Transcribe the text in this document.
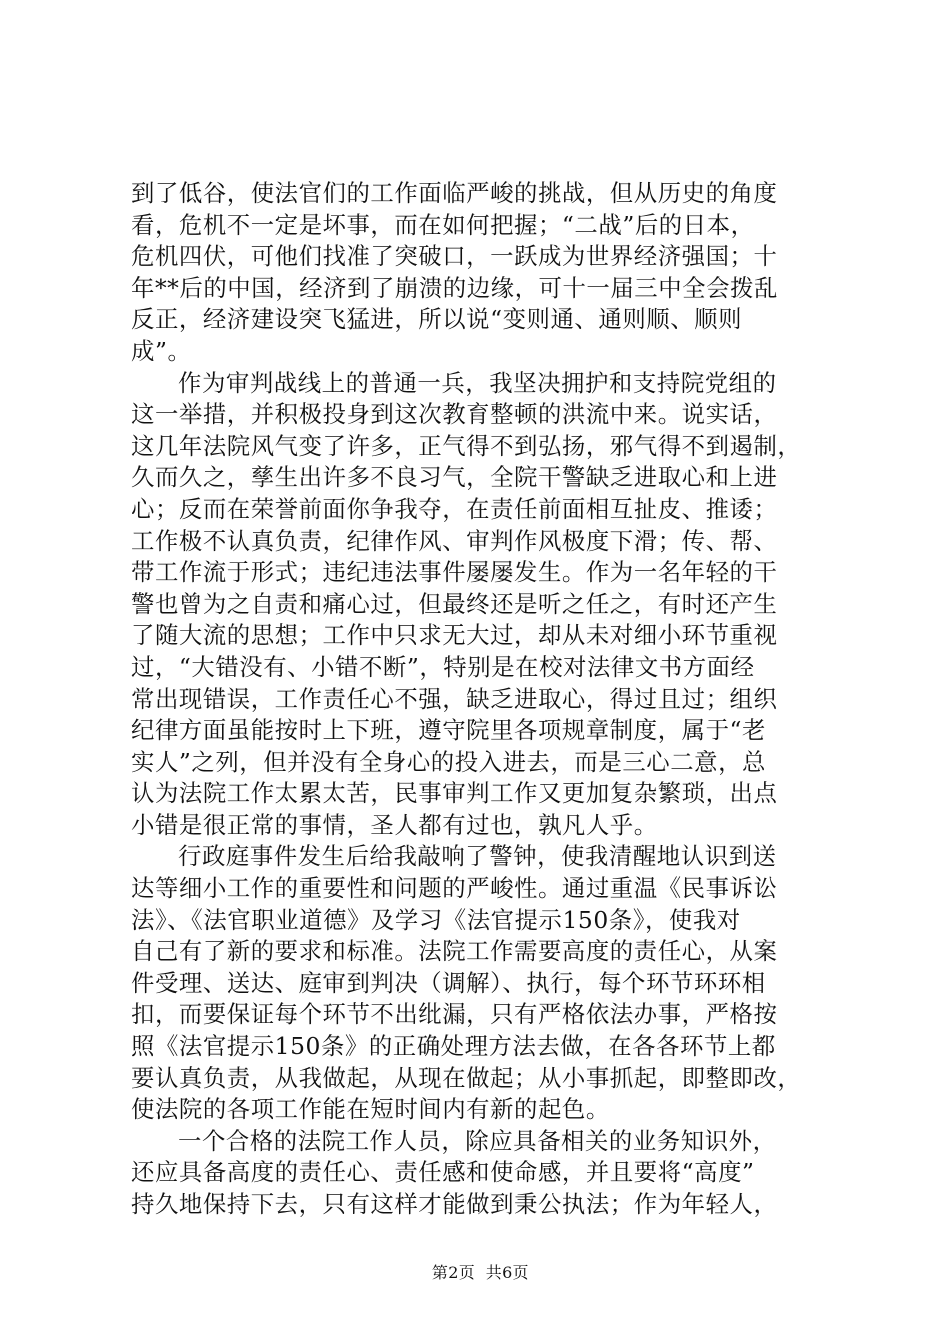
到了低谷，使法官们的工作面临严峻的挑战，但从历史的角度
看，危机不一定是坏事，而在如何把握；“二战”后的日本，
危机四伏，可他们找准了突破口，一跃成为世界经济强国；十
年**后的中国，经济到了崩溃的边缘，可十一届三中全会拨乱
反正，经济建设突飞猛进，所以说“变则通、通则顺、顺则
成”。
作为审判战线上的普通一兵，我坚决拥护和支持院党组的
这一举措，并积极投身到这次教育整顿的洪流中来。说实话，
这几年法院风气变了许多，正气得不到弘扬，邪气得不到遏制，
久而久之，孳生出许多不良习气，全院干警缺乏进取心和上进
心；反而在荣誉前面你争我夺，在责任前面相互扯皮、推诿；
工作极不认真负责，纪律作风、审判作风极度下滑；传、帮、
带工作流于形式；违纪违法事件屡屡发生。作为一名年轻的干
警也曾为之自责和痛心过，但最终还是听之任之，有时还产生
了随大流的思想；工作中只求无大过，却从未对细小环节重视
过，“大错没有、小错不断”，特别是在校对法律文书方面经
常出现错误，工作责任心不强，缺乏进取心，得过且过；组织
纪律方面虽能按时上下班，遵守院里各项规章制度，属于“老
实人”之列，但并没有全身心的投入进去，而是三心二意，总
认为法院工作太累太苦，民事审判工作又更加复杂繁琐，出点
小错是很正常的事情，圣人都有过也，孰凡人乎。
行政庭事件发生后给我敲响了警钟，使我清醒地认识到送
达等细小工作的重要性和问题的严峻性。通过重温《民事诉讼
法》、《法官职业道德》及学习《法官提示150条》，使我对
自己有了新的要求和标准。法院工作需要高度的责任心，从案
件受理、送达、庭审到判决（调解）、执行，每个环节环环相
扣，而要保证每个环节不出纰漏，只有严格依法办事，严格按
照《法官提示150条》的正确处理方法去做，在各各环节上都
要认真负责，从我做起，从现在做起；从小事抓起，即整即改，
使法院的各项工作能在短时间内有新的起色。
一个合格的法院工作人员，除应具备相关的业务知识外，
还应具备高度的责任心、责任感和使命感，并且要将“高度”
持久地保持下去，只有这样才能做到秉公执法；作为年轻人，

第2页  共6页
